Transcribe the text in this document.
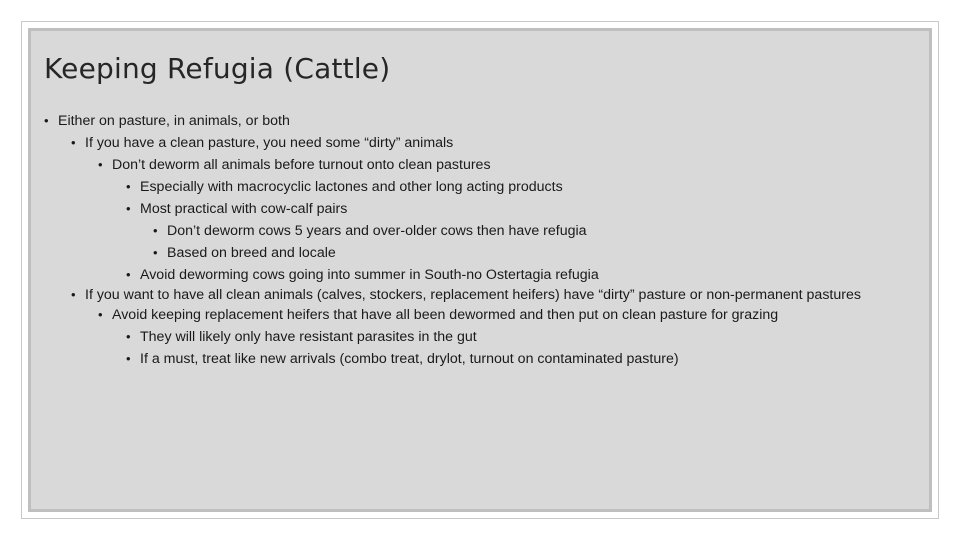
Keeping Refugia (Cattle)
• Either on pasture, in animals, or both
• If you have a clean pasture, you need some “dirty” animals
• Don’t deworm all animals before turnout onto clean pastures
• Especially with macrocyclic lactones and other long acting products
• Most practical with cow-calf pairs
• Don’t deworm cows 5 years and over-older cows then have refugia
• Based on breed and locale
• Avoid deworming cows going into summer in South-no Ostertagia refugia
• If you want to have all clean animals (calves, stockers, replacement heifers) have “dirty” pasture or non-permanent pastures
• Avoid keeping replacement heifers that have all been dewormed and then put on clean pasture for grazing
• They will likely only have resistant parasites in the gut
• If a must, treat like new arrivals (combo treat, drylot, turnout on contaminated pasture)
